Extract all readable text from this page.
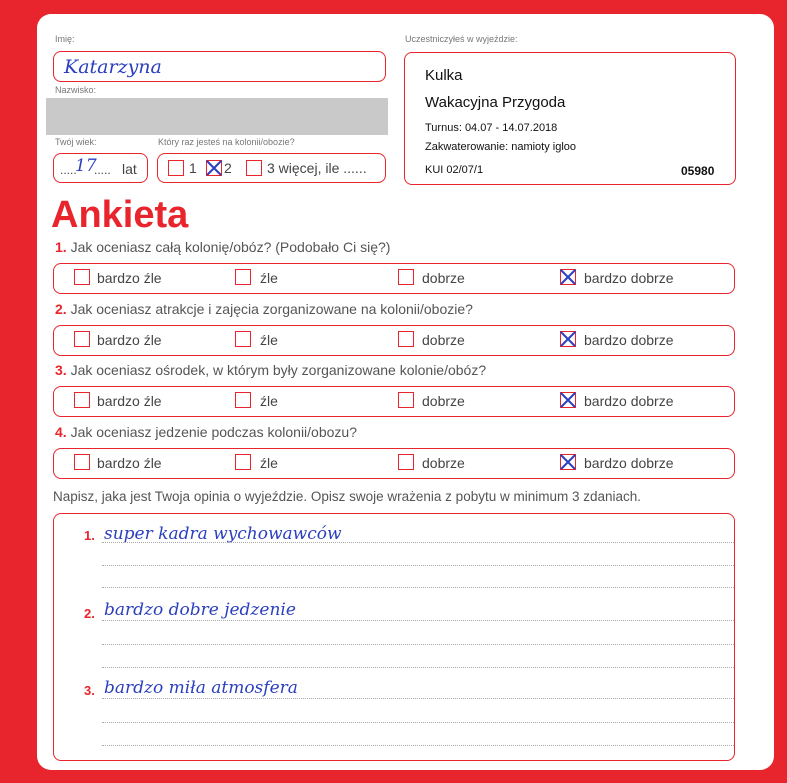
Imię:
Katarzyna
Nazwisko:
Twój wiek:
.....
17
..... lat
Który raz jesteś na kolonii/obozie?
1 2	3 więcej, ile ......
Uczestniczyłeś w wyjeździe:
Kulka
Wakacyjna Przygoda
Turnus: 04.07 - 14.07.2018
Zakwaterowanie: namioty igloo
KUI 02/07/1	05980
Ankieta
1. Jak oceniasz całą kolonię/obóz? (Podobało Ci się?)
bardzo źle	źle	dobrze	bardzo dobrze
2. Jak oceniasz atrakcje i zajęcia zorganizowane na kolonii/obozie?
bardzo źle	źle	dobrze	bardzo dobrze
3. Jak oceniasz ośrodek, w którym były zorganizowane kolonie/obóz?
bardzo źle	źle	dobrze	bardzo dobrze
4. Jak oceniasz jedzenie podczas kolonii/obozu?
bardzo źle	źle	dobrze	bardzo dobrze
Napisz, jaka jest Twoja opinia o wyjeździe. Opisz swoje wrażenia z pobytu w minimum 3 zdaniach.
1. super kadra wychowawców
2. bardzo dobre jedzenie
3. bardzo miła atmosfera
